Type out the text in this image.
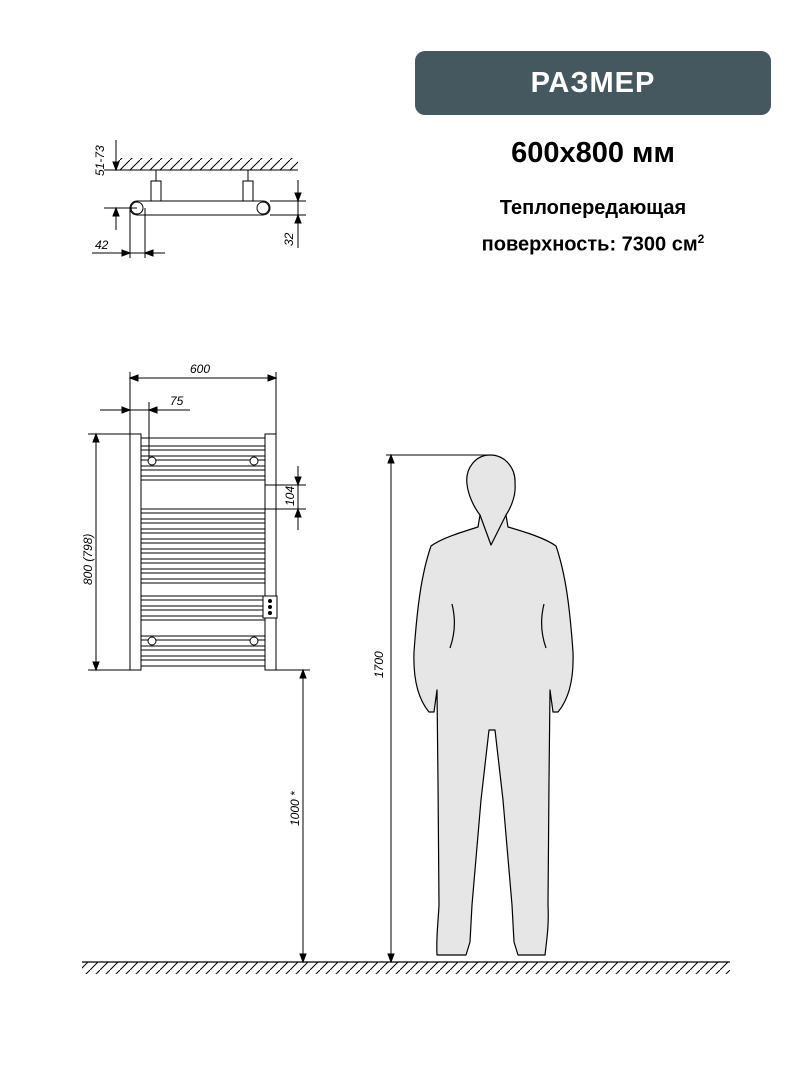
РАЗМЕР
600x800 мм
Теплопередающая
поверхность: 7300 $см^2$
51-73
42	32
600
75
800 (798)
104
1000 *
1700
